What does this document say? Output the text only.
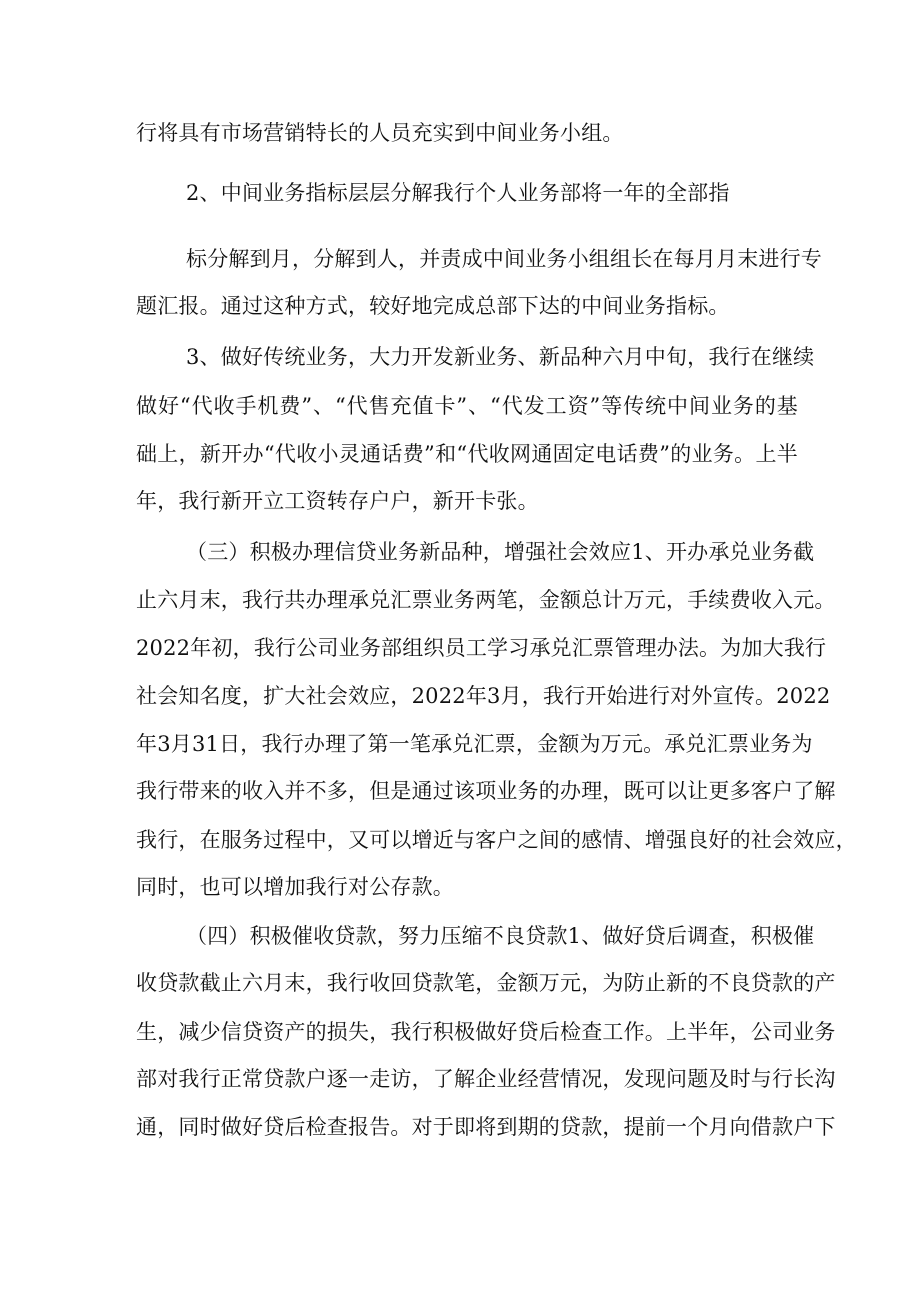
行将具有市场营销特长的人员充实到中间业务小组。
2、中间业务指标层层分解我行个人业务部将一年的全部指
标分解到月，分解到人，并责成中间业务小组组长在每月月末进行专
题汇报。通过这种方式，较好地完成总部下达的中间业务指标。
3、做好传统业务，大力开发新业务、新品种六月中旬，我行在继续
做好“代收手机费”、“代售充值卡”、“代发工资”等传统中间业务的基
础上，新开办“代收小灵通话费”和“代收网通固定电话费”的业务。上半
年，我行新开立工资转存户户，新开卡张。
（三）积极办理信贷业务新品种，增强社会效应1、开办承兑业务截
止六月末，我行共办理承兑汇票业务两笔，金额总计万元，手续费收入元。
2022年初，我行公司业务部组织员工学习承兑汇票管理办法。为加大我行
社会知名度，扩大社会效应，2022年3月，我行开始进行对外宣传。2022
年3月31日，我行办理了第一笔承兑汇票，金额为万元。承兑汇票业务为
我行带来的收入并不多，但是通过该项业务的办理，既可以让更多客户了解
我行，在服务过程中，又可以增近与客户之间的感情、增强良好的社会效应，
同时，也可以增加我行对公存款。
（四）积极催收贷款，努力压缩不良贷款1、做好贷后调查，积极催
收贷款截止六月末，我行收回贷款笔，金额万元，为防止新的不良贷款的产
生，减少信贷资产的损失，我行积极做好贷后检查工作。上半年，公司业务
部对我行正常贷款户逐一走访，了解企业经营情况，发现问题及时与行长沟
通，同时做好贷后检查报告。对于即将到期的贷款，提前一个月向借款户下
